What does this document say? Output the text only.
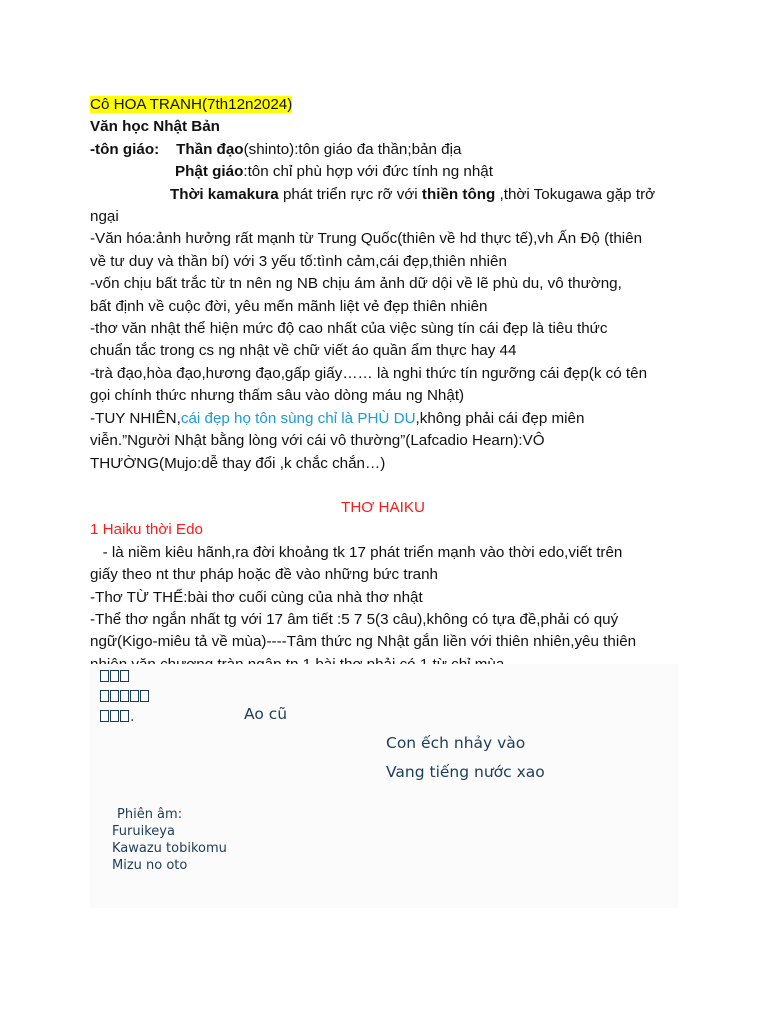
Cô HOA TRANH(7th12n2024)

Văn học Nhật Bản

-tôn giáo: Thần đạo(shinto):tôn giáo đa thần;bản địa

Phật giáo:tôn chỉ phù hợp với đức tính ng nhật

Thời kamakura phát triển rực rỡ với thiền tông ,thời Tokugawa gặp trở

ngại

-Văn hóa:ảnh hưởng rất mạnh từ Trung Quốc(thiên về hd thực tế),vh Ấn Độ (thiên

về tư duy và thần bí) với 3 yếu tố:tình cảm,cái đẹp,thiên nhiên

-vốn chịu bất trắc từ tn nên ng NB chịu ám ảnh dữ dội về lẽ phù du, vô thường,

bất định về cuộc đời, yêu mến mãnh liệt vẻ đẹp thiên nhiên

-thơ văn nhật thể hiện mức độ cao nhất của việc sùng tín cái đẹp là tiêu thức

chuẩn tắc trong cs ng nhật về chữ viết áo quần ẩm thực hay 44

-trà đạo,hòa đạo,hương đạo,gấp giấy…… là nghi thức tín ngưỡng cái đẹp(k có tên

gọi chính thức nhưng thấm sâu vào dòng máu ng Nhật)

-TUY NHIÊN,cái đẹp họ tôn sùng chỉ là PHÙ DU,không phải cái đẹp miên

viễn.”Người Nhật bằng lòng với cái vô thường”(Lafcadio Hearn):VÔ

THƯỜNG(Mujo:dễ thay đổi ,k chắc chắn…)

THƠ HAIKU

1 Haiku thời Edo

- là niềm kiêu hãnh,ra đời khoảng tk 17 phát triển mạnh vào thời edo,viết trên

giấy theo nt thư pháp hoặc đề vào những bức tranh

-Thơ TỪ THẾ:bài thơ cuối cùng của nhà thơ nhật

-Thể thơ ngắn nhất tg với 17 âm tiết :5 7 5(3 câu),không có tựa đề,phải có quý

ngữ(Kigo-miêu tả về mùa)----Tâm thức ng Nhật gắn liền với thiên nhiên,yêu thiên

.	Ao cũ
Con ếch nhảy vào
Vang tiếng nước xao
Phiên âm:
Furuikeya
Kawazu tobikomu
Mizu no oto
